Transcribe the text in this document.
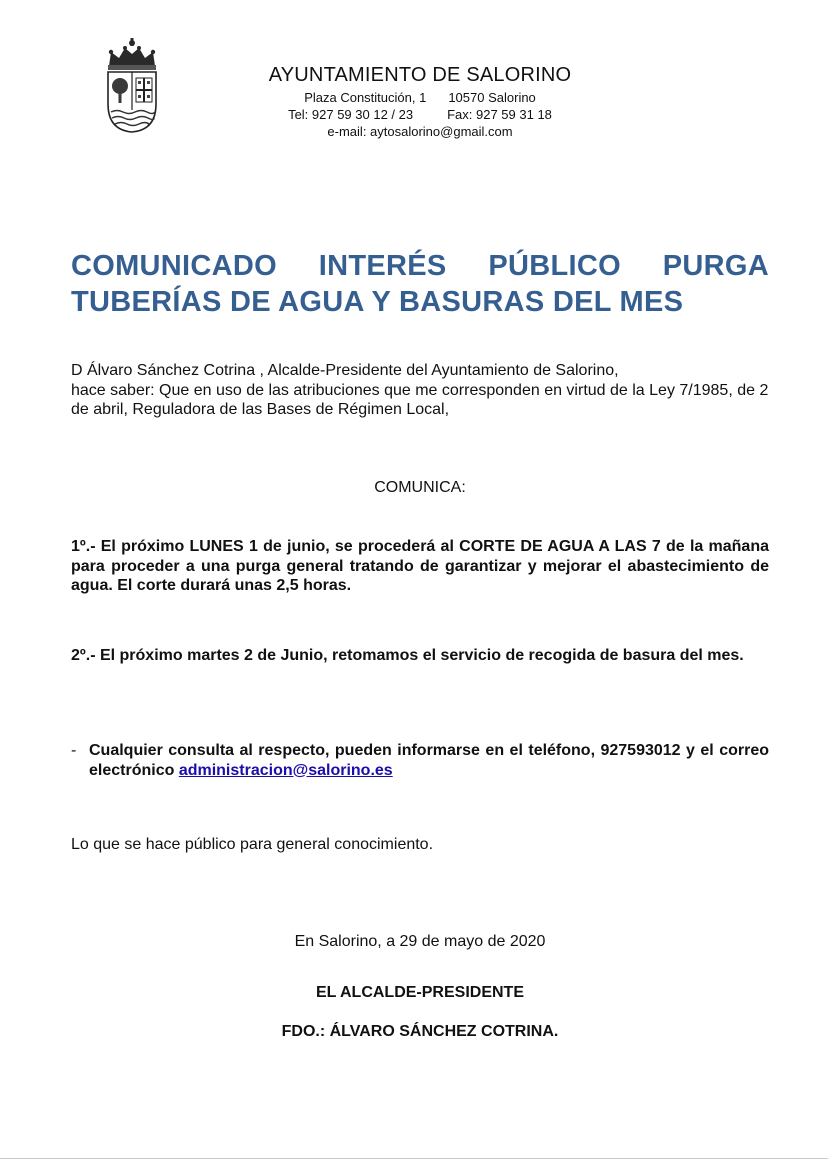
AYUNTAMIENTO DE SALORINO
Plaza Constitución, 1 10570 Salorino
Tel: 927 59 30 12 / 23	Fax: 927 59 31 18
e-mail: aytosalorino@gmail.com
COMUNICADO INTERÉS PÚBLICO PURGA TUBERÍAS DE AGUA Y BASURAS DEL MES
D Álvaro Sánchez Cotrina , Alcalde-Presidente del Ayuntamiento de Salorino,
hace saber: Que en uso de las atribuciones que me corresponden en virtud de la Ley 7/1985, de 2 de abril, Reguladora de las Bases de Régimen Local,
COMUNICA:
1º.- El próximo LUNES 1 de junio, se procederá al CORTE DE AGUA A LAS 7 de la mañana para proceder a una purga general tratando de garantizar y mejorar el abastecimiento de agua. El corte durará unas 2,5 horas.
2º.- El próximo martes 2 de Junio, retomamos el servicio de recogida de basura del mes.
- Cualquier consulta al respecto, pueden informarse en el teléfono, 927593012 y el correo electrónico administracion@salorino.es
Lo que se hace público para general conocimiento.
En Salorino, a 29 de mayo de 2020
EL ALCALDE-PRESIDENTE
FDO.: ÁLVARO SÁNCHEZ COTRINA.
